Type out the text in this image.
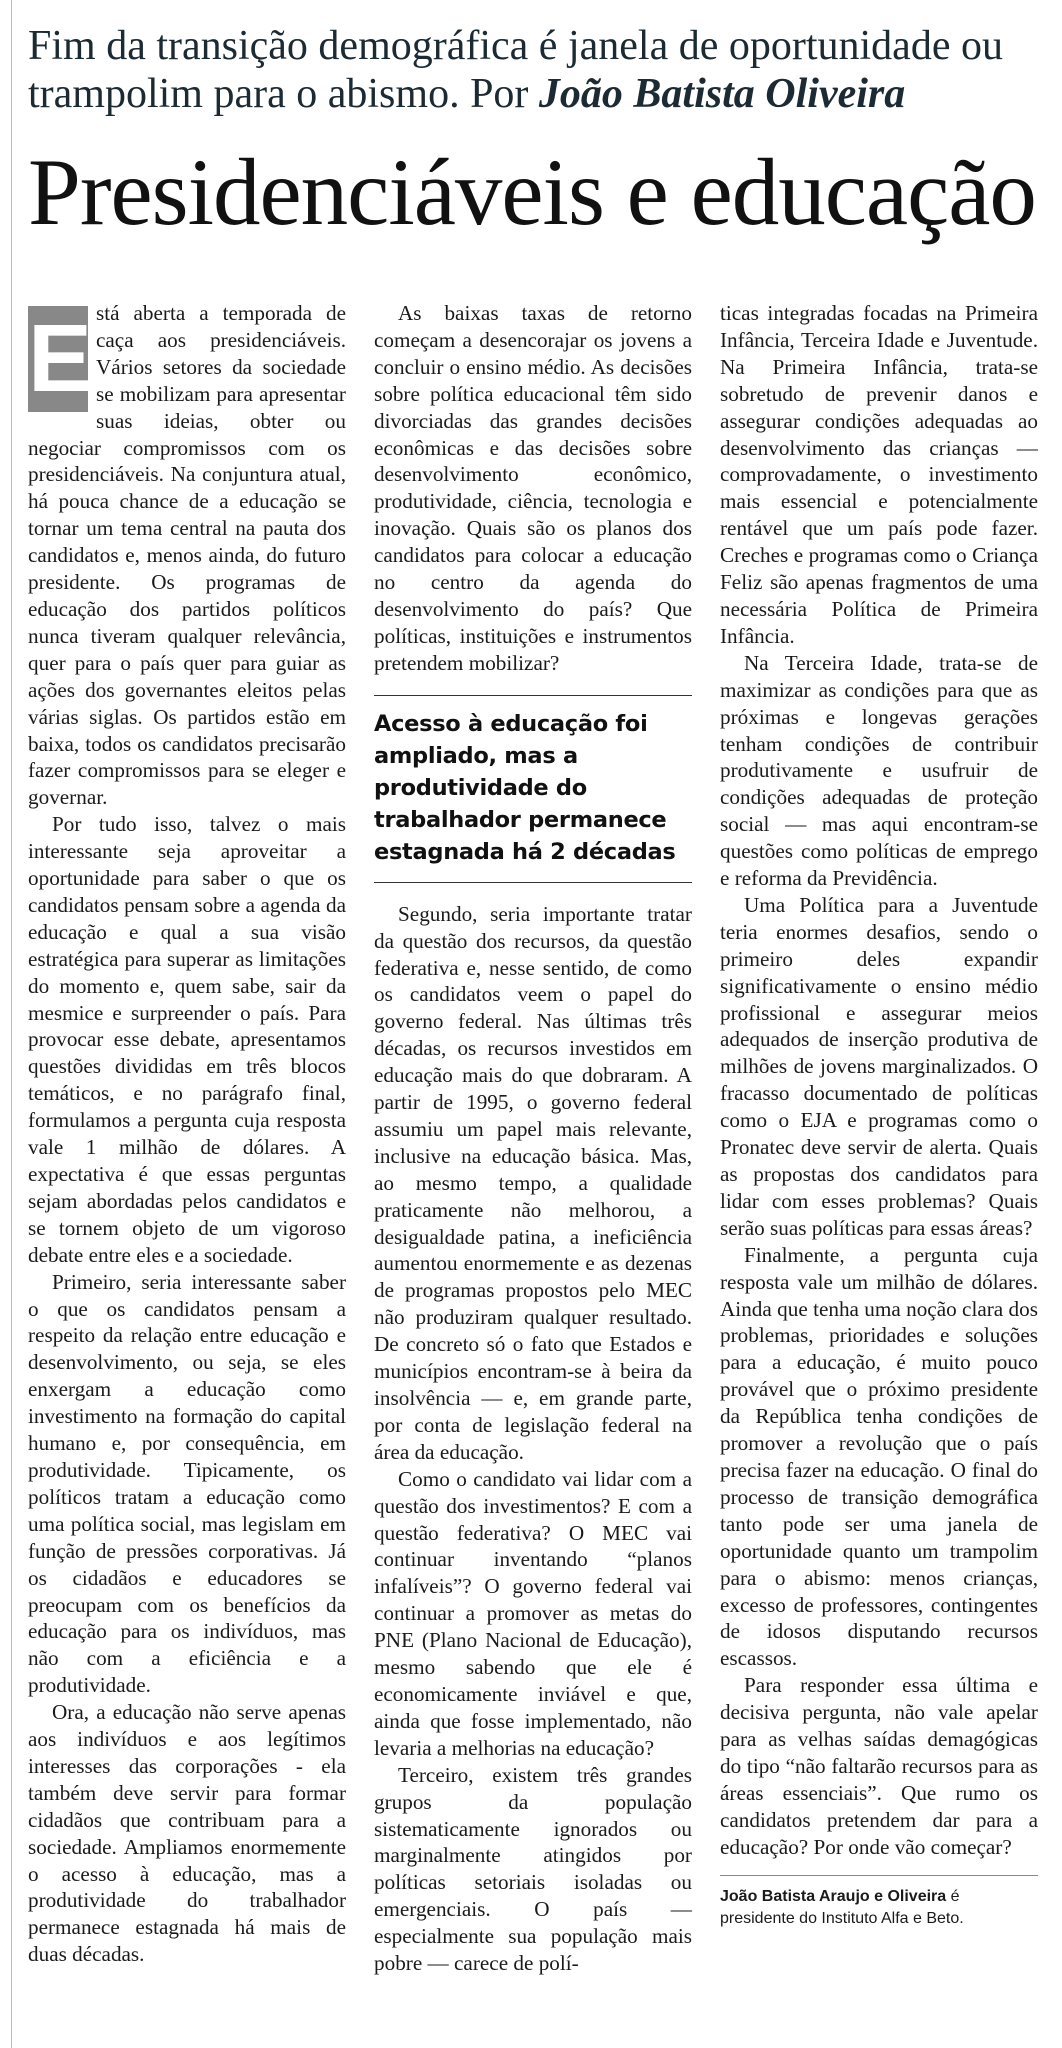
Fim da transição demográfica é janela de oportunidade ou trampolim para o abismo. Por João Batista Oliveira

Presidenciáveis e educação
E stá aberta a temporada de caça aos presidenciáveis. Vários setores da sociedade se mobilizam para apresentar suas ideias, obter ou negociar compromissos com os presidenciáveis. Na conjuntura atual, há pouca chance de a educação se tornar um tema central na pauta dos candidatos e, menos ainda, do futuro presidente. Os programas de educação dos partidos políticos nunca tiveram qualquer relevância, quer para o país quer para guiar as ações dos governantes eleitos pelas várias siglas. Os partidos estão em baixa, todos os candidatos precisarão fazer compromissos para se eleger e governar.

Por tudo isso, talvez o mais interessante seja aproveitar a oportunidade para saber o que os candidatos pensam sobre a agenda da educação e qual a sua visão estratégica para superar as limitações do momento e, quem sabe, sair da mesmice e surpreender o país. Para provocar esse debate, apresentamos questões divididas em três blocos temáticos, e no parágrafo final, formulamos a pergunta cuja resposta vale 1 milhão de dólares. A expectativa é que essas perguntas sejam abordadas pelos candidatos e se tornem objeto de um vigoroso debate entre eles e a sociedade.

Primeiro, seria interessante saber o que os candidatos pensam a respeito da relação entre educação e desenvolvimento, ou seja, se eles enxergam a educação como investimento na formação do capital humano e, por consequência, em produtividade. Tipicamente, os políticos tratam a educação como uma política social, mas legislam em função de pressões corporativas. Já os cidadãos e educadores se preocupam com os benefícios da educação para os indivíduos, mas não com a eficiência e a produtividade.

Ora, a educação não serve apenas aos indivíduos e aos legítimos interesses das corporações - ela também deve servir para formar cidadãos que contribuam para a sociedade. Ampliamos enormemente o acesso à educação, mas a produtividade do trabalhador permanece estagnada há mais de duas décadas.

As baixas taxas de retorno começam a desencorajar os jovens a concluir o ensino médio. As decisões sobre política educacional têm sido divorciadas das grandes decisões econômicas e das decisões sobre desenvolvimento econômico, produtividade, ciência, tecnologia e inovação. Quais são os planos dos candidatos para colocar a educação no centro da agenda do desenvolvimento do país? Que políticas, instituições e instrumentos pretendem mobilizar?

Acesso à educação foi ampliado, mas a produtividade do trabalhador permanece estagnada há 2 décadas

Segundo, seria importante tratar da questão dos recursos, da questão federativa e, nesse sentido, de como os candidatos veem o papel do governo federal. Nas últimas três décadas, os recursos investidos em educação mais do que dobraram. A partir de 1995, o governo federal assumiu um papel mais relevante, inclusive na educação básica. Mas, ao mesmo tempo, a qualidade praticamente não melhorou, a desigualdade patina, a ineficiência aumentou enormemente e as dezenas de programas propostos pelo MEC não produziram qualquer resultado. De concreto só o fato que Estados e municípios encontram-se à beira da insolvência — e, em grande parte, por conta de legislação federal na área da educação.

Como o candidato vai lidar com a questão dos investimentos? E com a questão federativa? O MEC vai continuar inventando “planos infalíveis”? O governo federal vai continuar a promover as metas do PNE (Plano Nacional de Educação), mesmo sabendo que ele é economicamente inviável e que, ainda que fosse implementado, não levaria a melhorias na educação?

Terceiro, existem três grandes grupos da população sistematicamente ignorados ou marginalmente atingidos por políticas setoriais isoladas ou emergenciais. O país — especialmente sua população mais pobre — carece de polí-

ticas integradas focadas na Primeira Infância, Terceira Idade e Juventude. Na Primeira Infância, trata-se sobretudo de prevenir danos e assegurar condições adequadas ao desenvolvimento das crianças — comprovadamente, o investimento mais essencial e potencialmente rentável que um país pode fazer. Creches e programas como o Criança Feliz são apenas fragmentos de uma necessária Política de Primeira Infância.

Na Terceira Idade, trata-se de maximizar as condições para que as próximas e longevas gerações tenham condições de contribuir produtivamente e usufruir de condições adequadas de proteção social — mas aqui encontram-se questões como políticas de emprego e reforma da Previdência.

Uma Política para a Juventude teria enormes desafios, sendo o primeiro deles expandir significativamente o ensino médio profissional e assegurar meios adequados de inserção produtiva de milhões de jovens marginalizados. O fracasso documentado de políticas como o EJA e programas como o Pronatec deve servir de alerta. Quais as propostas dos candidatos para lidar com esses problemas? Quais serão suas políticas para essas áreas?

Finalmente, a pergunta cuja resposta vale um milhão de dólares. Ainda que tenha uma noção clara dos problemas, prioridades e soluções para a educação, é muito pouco provável que o próximo presidente da República tenha condições de promover a revolução que o país precisa fazer na educação. O final do processo de transição demográfica tanto pode ser uma janela de oportunidade quanto um trampolim para o abismo: menos crianças, excesso de professores, contingentes de idosos disputando recursos escassos.

Para responder essa última e decisiva pergunta, não vale apelar para as velhas saídas demagógicas do tipo “não faltarão recursos para as áreas essenciais”. Que rumo os candidatos pretendem dar para a educação? Por onde vão começar?

João Batista Araujo e Oliveira é presidente do Instituto Alfa e Beto.
